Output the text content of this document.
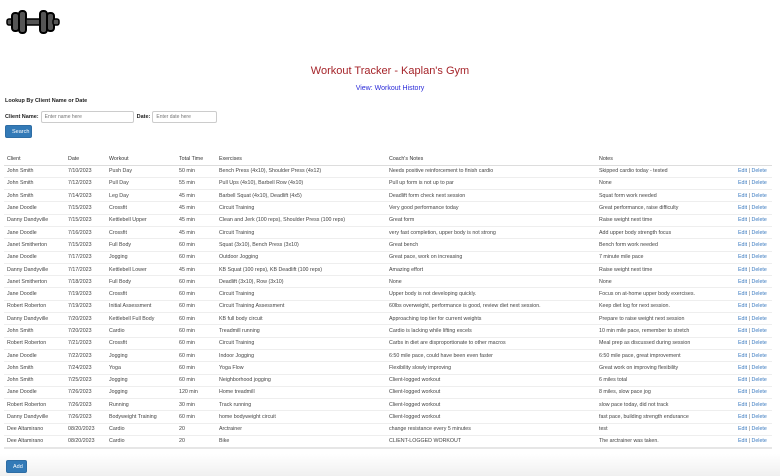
Workout Tracker - Kaplan's Gym
View: Workout History

Lookup By Client Name or Date

Client Name:
Enter name here	Date:
Enter date here
Search
Client	Date	Workout	Total Time	Exercises	Coach's Notes	Notes	
John Smith	7/10/2023	Push Day	50 min	Bench Press (4x10), Shoulder Press (4x12)	Needs positive reinforcement to finish cardio	Skipped cardio today - tested	Edit | Delete
John Smith	7/12/2023	Pull Day	55 min	Pull Ups (4x10), Barbell Row (4x10)	Pull up form is not up to par	None	Edit | Delete
John Smith	7/14/2023	Leg Day	45 min	Barbell Squat (4x10), Deadlift (4x5)	Deadlift form check next session	Squat form work needed	Edit | Delete
Jane Doodle	7/15/2023	Crossfit	45 min	Circuit Training	Very good performance today	Great performance, raise difficulty	Edit | Delete
Danny Dandyville	7/15/2023	Kettlebell Upper	45 min	Clean and Jerk (100 reps), Shoulder Press (100 reps)	Great form	Raise weight next time	Edit | Delete
Jane Doodle	7/16/2023	Crossfit	45 min	Circuit Training	very fast completion, upper body is not strong	Add upper body strength focus	Edit | Delete
Janet Smitherton	7/15/2023	Full Body	60 min	Squat (3x10), Bench Press (3x10)	Great bench	Bench form work needed	Edit | Delete
Jane Doodle	7/17/2023	Jogging	60 min	Outdoor Jogging	Great pace, work on increasing	7 minute mile pace	Edit | Delete
Danny Dandyville	7/17/2023	Kettlebell Lower	45 min	KB Squat (100 reps), KB Deadlift (100 reps)	Amazing effort	Raise weight next time	Edit | Delete
Janet Smitherton	7/18/2023	Full Body	60 min	Deadlift (3x10), Row (3x10)	None	None	Edit | Delete
Jane Doodle	7/19/2023	Crossfit	60 min	Circuit Training	Upper body is not developing quickly.	Focus on at-home upper body exercises.	Edit | Delete
Robert Roberton	7/19/2023	Initial Assessment	60 min	Circuit Training Assessment	60lbs overweight, performance is good, review diet next session.	Keep diet log for next session.	Edit | Delete
Danny Dandyville	7/20/2023	Kettlebell Full Body	60 min	KB full body circuit	Approaching top tier for current weights	Prepare to raise weight next session	Edit | Delete
John Smith	7/20/2023	Cardio	60 min	Treadmill running	Cardio is lacking while lifting excels	10 min mile pace, remember to stretch	Edit | Delete
Robert Roberton	7/21/2023	Crossfit	60 min	Circuit Training	Carbs in diet are disproportionate to other macros	Meal prep as discussed during session	Edit | Delete
Jane Doodle	7/22/2023	Jogging	60 min	Indoor Jogging	6:50 mile pace, could have been even faster	6:50 mile pace, great improvement	Edit | Delete
John Smith	7/24/2023	Yoga	60 min	Yoga Flow	Flexibility slowly improving	Great work on improving flexibility	Edit | Delete
John Smith	7/25/2023	Jogging	60 min	Neighborhood jogging	Client-logged workout	6 miles total	Edit | Delete
Jane Doodle	7/26/2023	Jogging	120 min	Home treadmill	Client-logged workout	8 miles, slow pace jog	Edit | Delete
Robert Roberton	7/26/2023	Running	30 min	Track running	Client-logged workout	slow pace today, did not track	Edit | Delete
Danny Dandyville	7/26/2023	Bodyweight Training	60 min	home bodyweight circuit	Client-logged workout	fast pace, building strength endurance	Edit | Delete
Dee Altamirano	08/20/2023	Cardio	20	Arctrainer	change resistance every 5 minutes	test	Edit | Delete
Dee Altamirano	08/20/2023	Cardio	20	Bike	CLIENT-LOGGED WORKOUT	The arctrainer was taken.	Edit | Delete
Add
